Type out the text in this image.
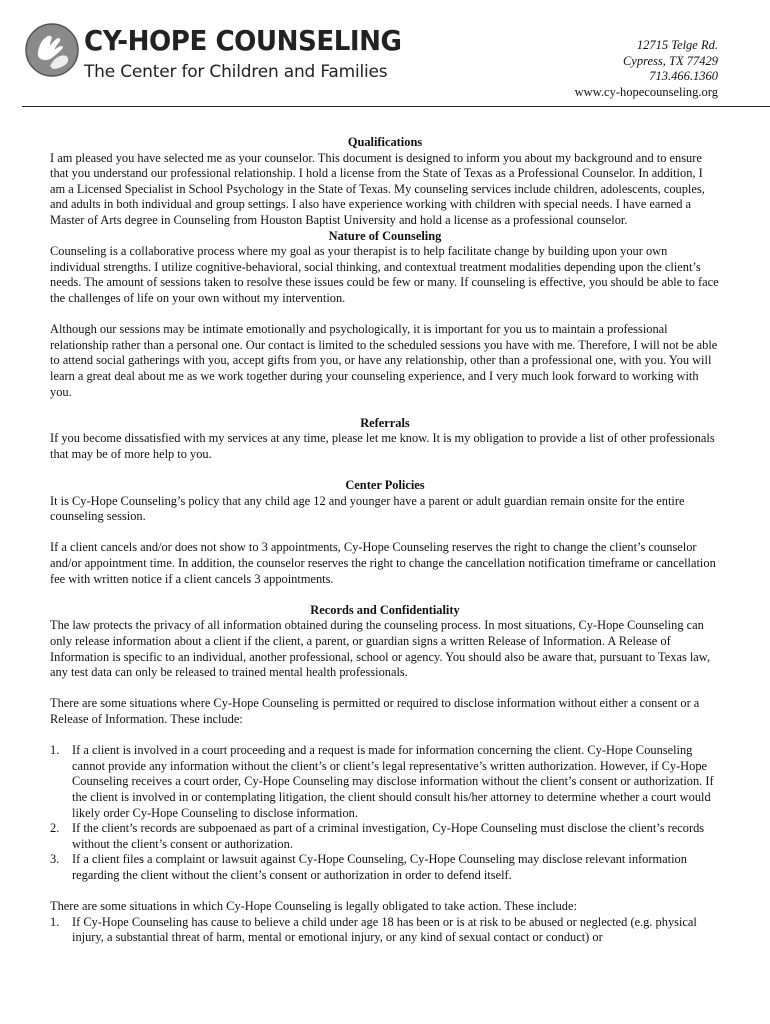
CY-HOPE COUNSELING
The Center for Children and Families
12715 Telge Rd.
Cypress, TX 77429
713.466.1360
www.cy-hopecounseling.org
Qualifications

I am pleased you have selected me as your counselor. This document is designed to inform you about my background and to ensure that you understand our professional relationship. I hold a license from the State of Texas as a Professional Counselor. In addition, I am a Licensed Specialist in School Psychology in the State of Texas. My counseling services include children, adolescents, couples, and adults in both individual and group settings. I also have experience working with children with special needs. I have earned a Master of Arts degree in Counseling from Houston Baptist University and hold a license as a professional counselor.

Nature of Counseling

Counseling is a collaborative process where my goal as your therapist is to help facilitate change by building upon your own individual strengths. I utilize cognitive-behavioral, social thinking, and contextual treatment modalities depending upon the client’s needs. The amount of sessions taken to resolve these issues could be few or many. If counseling is effective, you should be able to face the challenges of life on your own without my intervention.

Although our sessions may be intimate emotionally and psychologically, it is important for you us to maintain a professional relationship rather than a personal one. Our contact is limited to the scheduled sessions you have with me. Therefore, I will not be able to attend social gatherings with you, accept gifts from you, or have any relationship, other than a professional one, with you. You will learn a great deal about me as we work together during your counseling experience, and I very much look forward to working with you.

Referrals

If you become dissatisfied with my services at any time, please let me know. It is my obligation to provide a list of other professionals that may be of more help to you.

Center Policies

It is Cy-Hope Counseling’s policy that any child age 12 and younger have a parent or adult guardian remain onsite for the entire counseling session.

If a client cancels and/or does not show to 3 appointments, Cy-Hope Counseling reserves the right to change the client’s counselor and/or appointment time. In addition, the counselor reserves the right to change the cancellation notification timeframe or cancellation fee with written notice if a client cancels 3 appointments.

Records and Confidentiality

The law protects the privacy of all information obtained during the counseling process. In most situations, Cy-Hope Counseling can only release information about a client if the client, a parent, or guardian signs a written Release of Information. A Release of Information is specific to an individual, another professional, school or agency. You should also be aware that, pursuant to Texas law, any test data can only be released to trained mental health professionals.

There are some situations where Cy-Hope Counseling is permitted or required to disclose information without either a consent or a Release of Information. These include:

1. If a client is involved in a court proceeding and a request is made for information concerning the client. Cy-Hope Counseling cannot provide any information without the client’s or client’s legal representative’s written authorization. However, if Cy-Hope Counseling receives a court order, Cy-Hope Counseling may disclose information without the client’s consent or authorization. If the client is involved in or contemplating litigation, the client should consult his/her attorney to determine whether a court would likely order Cy-Hope Counseling to disclose information.
2. If the client’s records are subpoenaed as part of a criminal investigation, Cy-Hope Counseling must disclose the client’s records without the client’s consent or authorization.
3. If a client files a complaint or lawsuit against Cy-Hope Counseling, Cy-Hope Counseling may disclose relevant information regarding the client without the client’s consent or authorization in order to defend itself.

There are some situations in which Cy-Hope Counseling is legally obligated to take action. These include:

1. If Cy-Hope Counseling has cause to believe a child under age 18 has been or is at risk to be abused or neglected (e.g. physical injury, a substantial threat of harm, mental or emotional injury, or any kind of sexual contact or conduct) or
